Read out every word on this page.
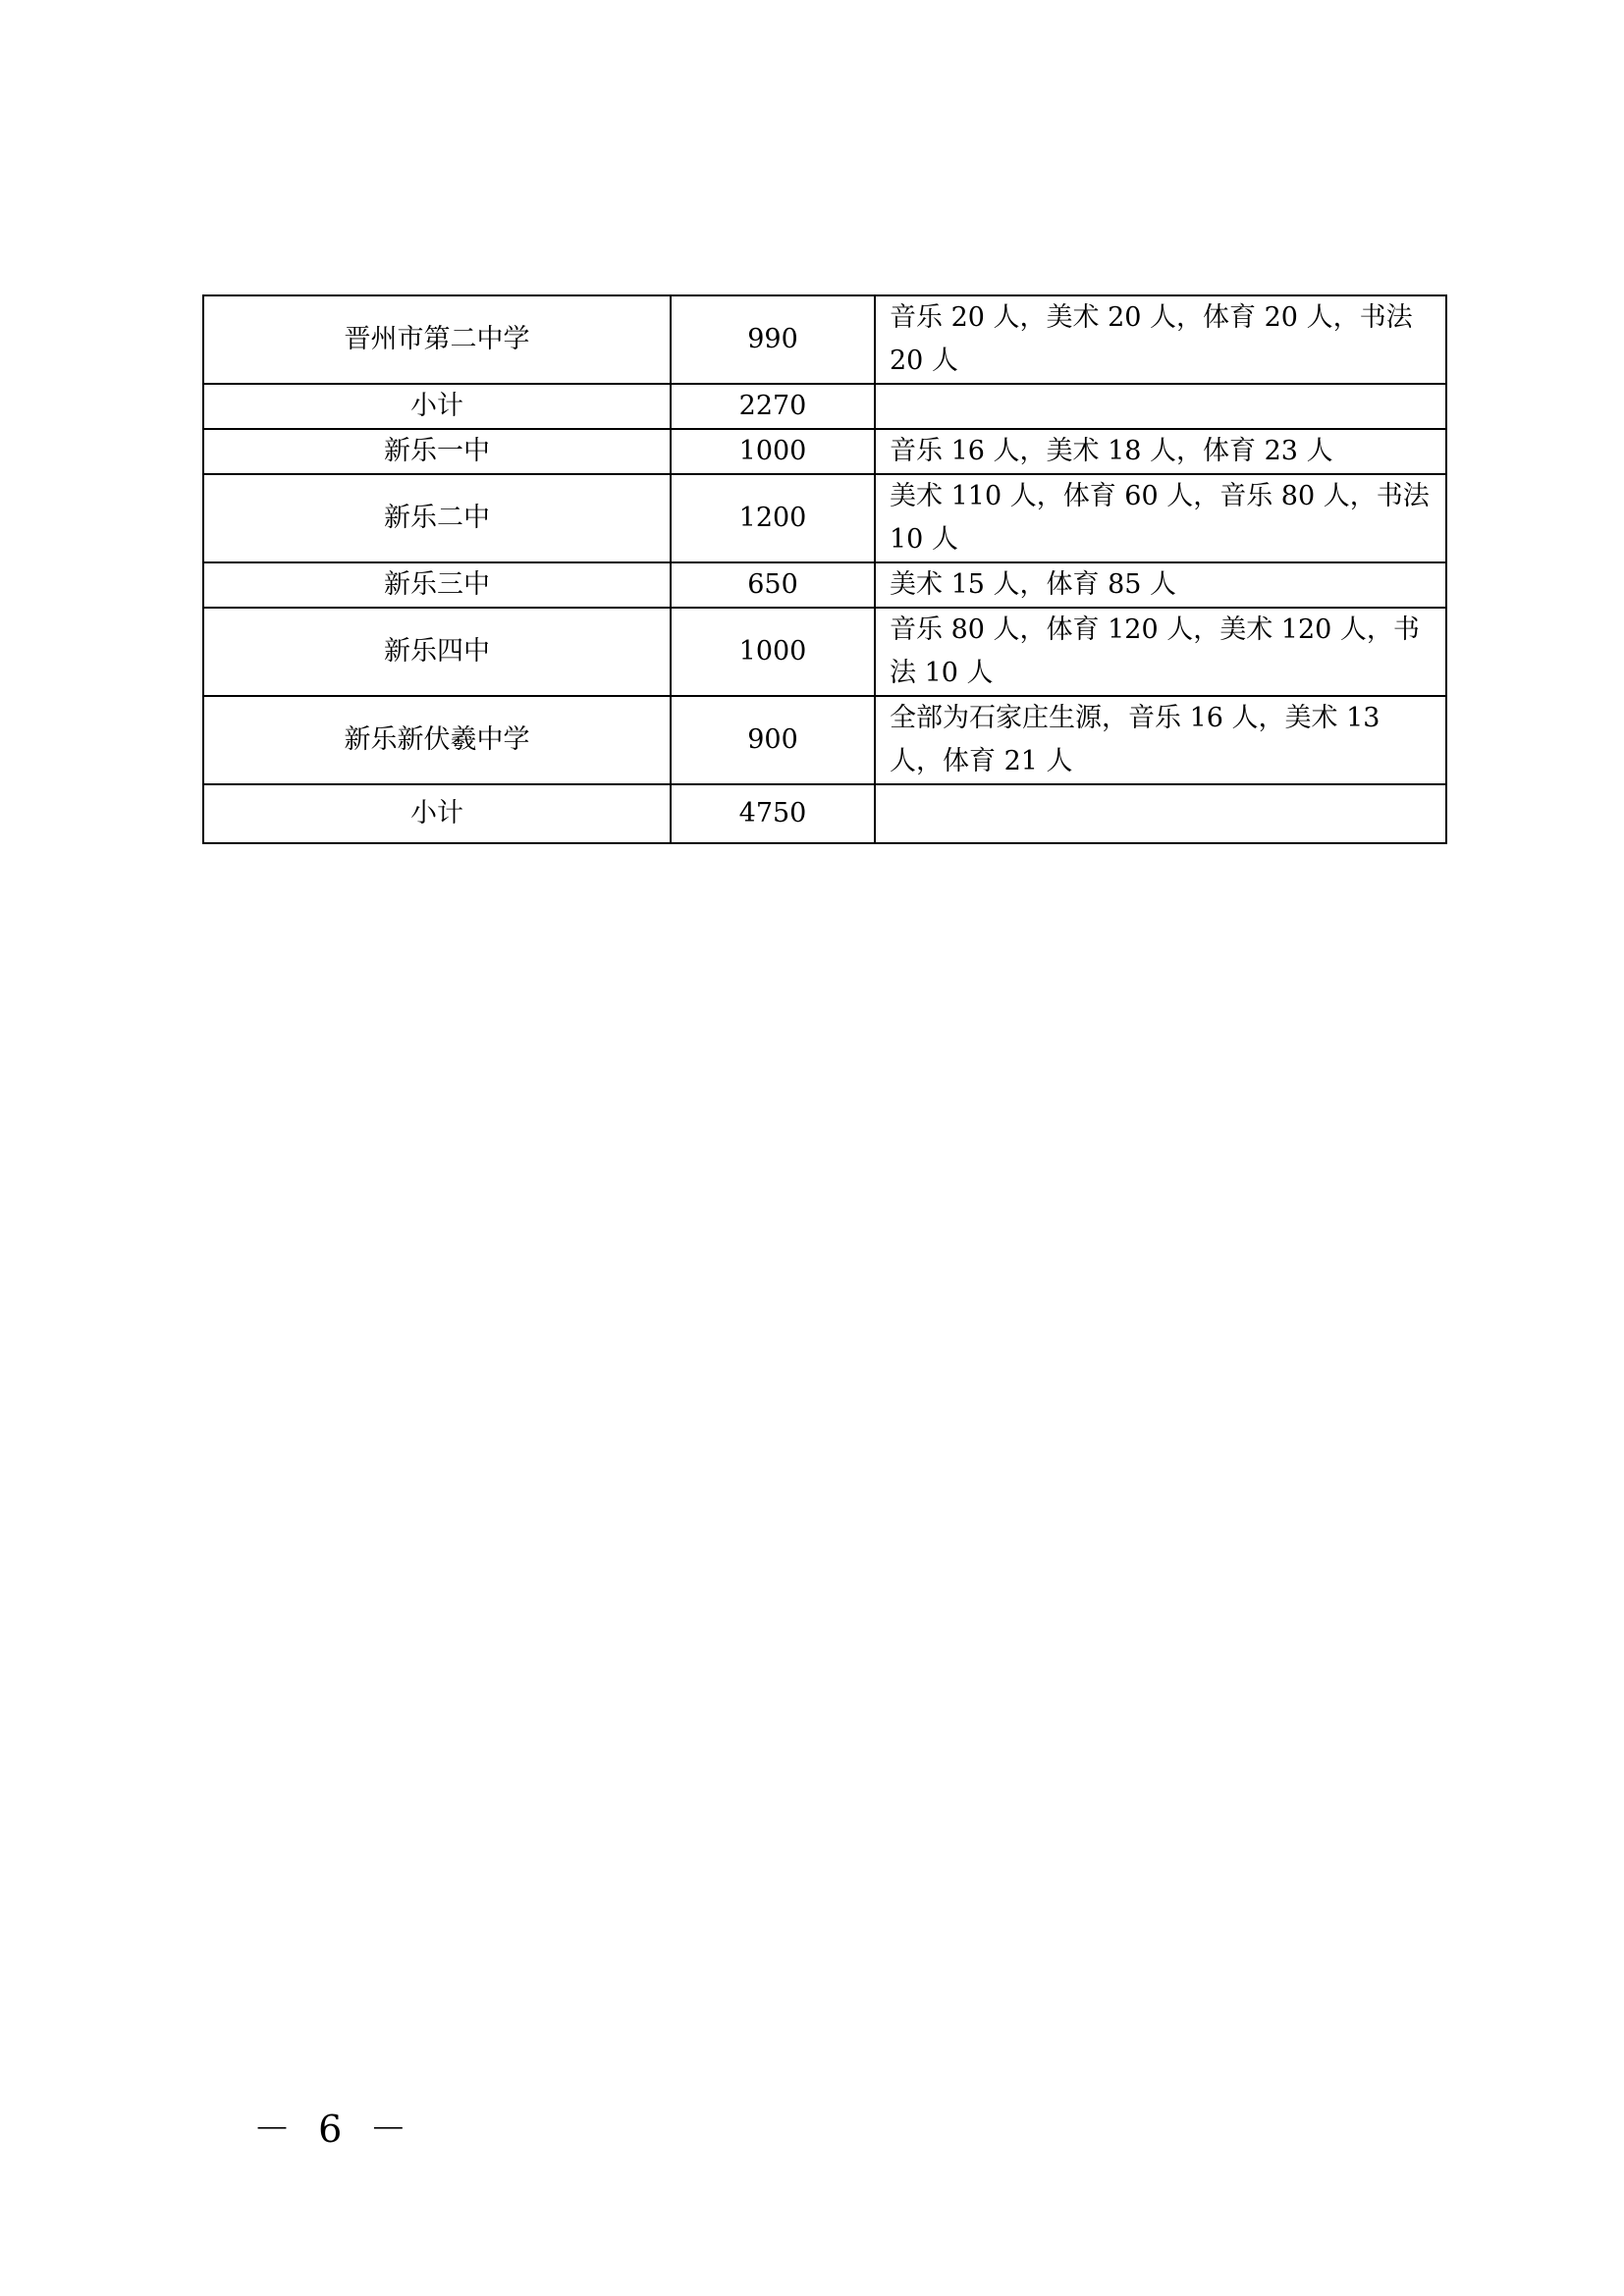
晋州市第二中学	990	音乐 20 人，美术 20 人，体育 20 人，书法 20 人
小计	2270	
新乐一中	1000	音乐 16 人，美术 18 人，体育 23 人
新乐二中	1200	美术 110 人，体育 60 人，音乐 80 人，书法 10 人
新乐三中	650	美术 15 人，体育 85 人
新乐四中	1000	音乐 80 人，体育 120 人，美术 120 人，书法 10 人
新乐新伏羲中学	900	全部为石家庄生源，音乐 16 人，美术 13 人，体育 21 人
小计	4750	
－ 6 －
